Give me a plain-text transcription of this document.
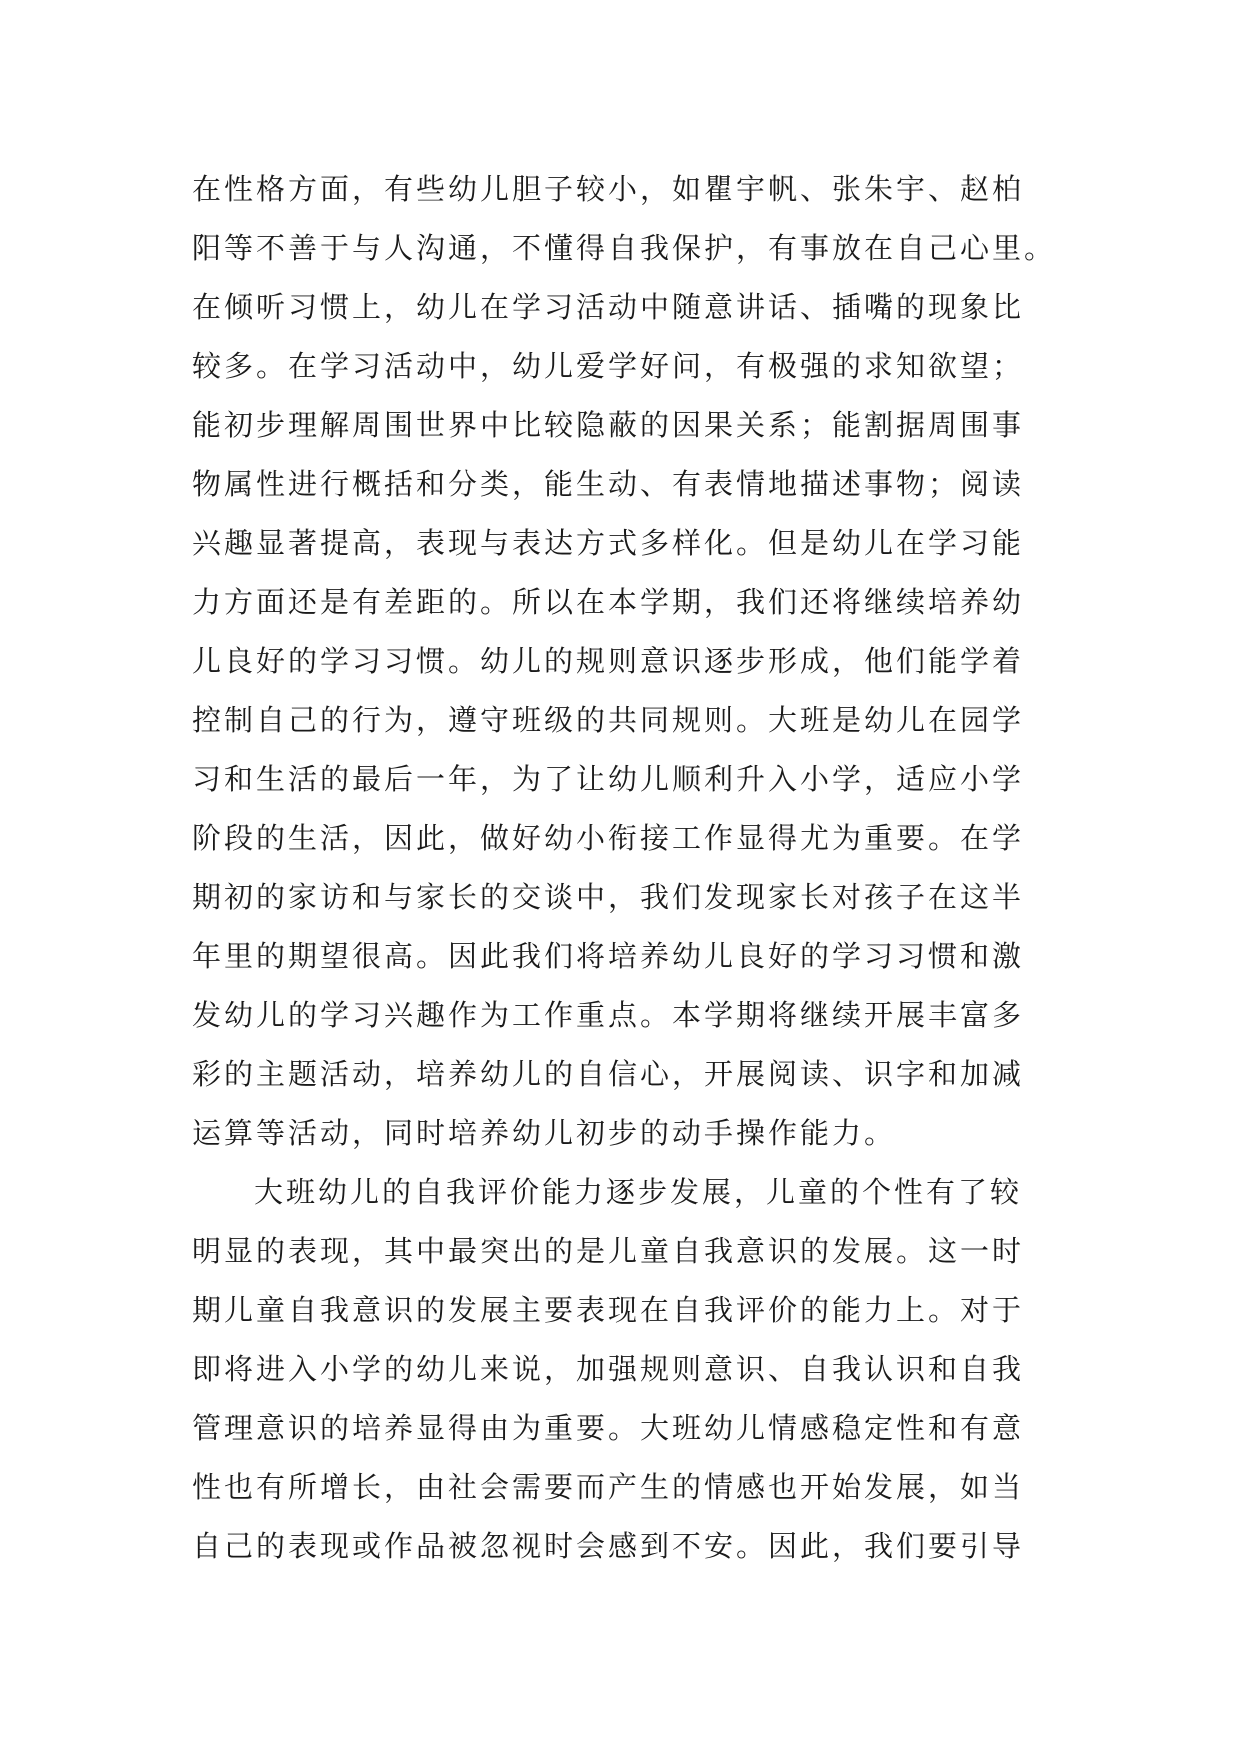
在性格方面，有些幼儿胆子较小，如瞿宇帆、张朱宇、赵柏
阳等不善于与人沟通，不懂得自我保护，有事放在自己心里。
在倾听习惯上，幼儿在学习活动中随意讲话、插嘴的现象比
较多。在学习活动中，幼儿爱学好问，有极强的求知欲望；
能初步理解周围世界中比较隐蔽的因果关系；能割据周围事
物属性进行概括和分类，能生动、有表情地描述事物；阅读
兴趣显著提高，表现与表达方式多样化。但是幼儿在学习能
力方面还是有差距的。所以在本学期，我们还将继续培养幼
儿良好的学习习惯。幼儿的规则意识逐步形成，他们能学着
控制自己的行为，遵守班级的共同规则。大班是幼儿在园学
习和生活的最后一年，为了让幼儿顺利升入小学，适应小学
阶段的生活，因此，做好幼小衔接工作显得尤为重要。在学
期初的家访和与家长的交谈中，我们发现家长对孩子在这半
年里的期望很高。因此我们将培养幼儿良好的学习习惯和激
发幼儿的学习兴趣作为工作重点。本学期将继续开展丰富多
彩的主题活动，培养幼儿的自信心，开展阅读、识字和加减
运算等活动，同时培养幼儿初步的动手操作能力。
大班幼儿的自我评价能力逐步发展，儿童的个性有了较
明显的表现，其中最突出的是儿童自我意识的发展。这一时
期儿童自我意识的发展主要表现在自我评价的能力上。对于
即将进入小学的幼儿来说，加强规则意识、自我认识和自我
管理意识的培养显得由为重要。大班幼儿情感稳定性和有意
性也有所增长，由社会需要而产生的情感也开始发展，如当
自己的表现或作品被忽视时会感到不安。因此，我们要引导
